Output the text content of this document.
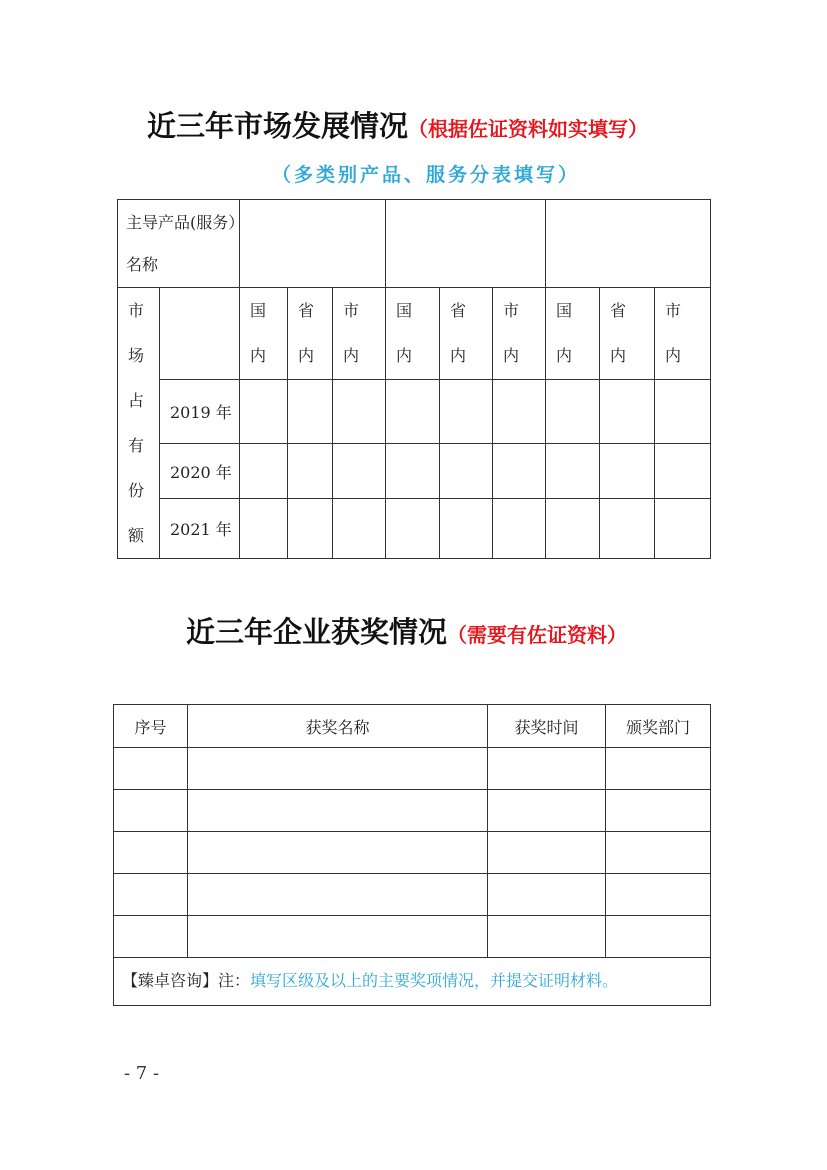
近三年市场发展情况（根据佐证资料如实填写）
（多类别产品、服务分表填写）
主导产品(服务）名称										

市场占有份额		国内	省内	市内	国内	省内	市内	国内	省内	市内

	2019 年									
	2020 年									
	2021 年									
近三年企业获奖情况（需要有佐证资料）
序号	获奖名称	获奖时间	颁奖部门

【臻卓咨询】注：填写区级及以上的主要奖项情况，并提交证明材料。			
- 7 -
